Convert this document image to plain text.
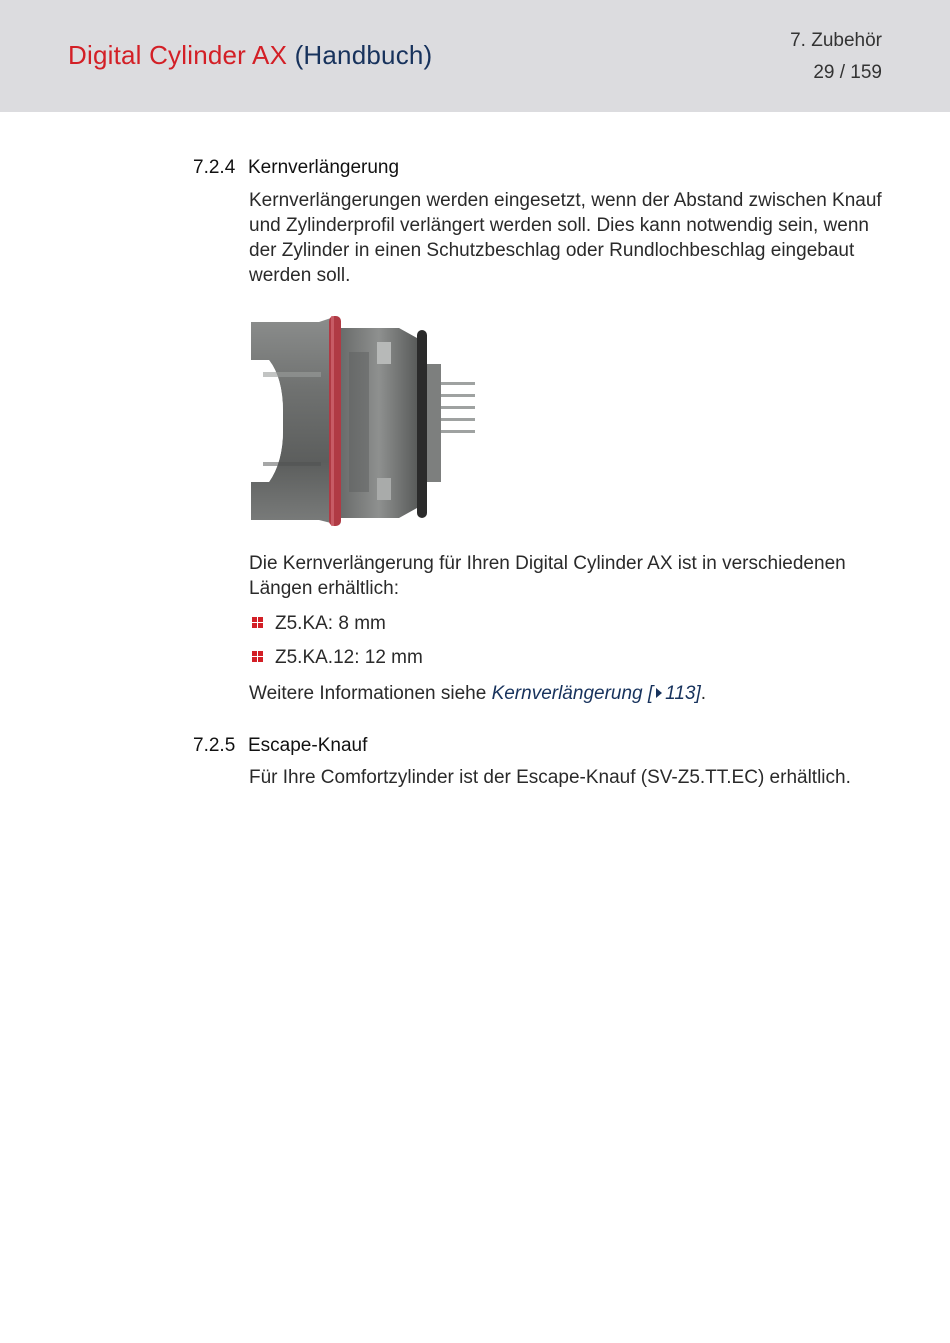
Digital Cylinder AX (Handbuch)	7. Zubehör
29 / 159
7.2.4 Kernverlängerung
Kernverlängerungen werden eingesetzt, wenn der Abstand zwischen Knauf und Zylinderprofil verlängert werden soll. Dies kann notwendig sein, wenn der Zylinder in einen Schutzbeschlag oder Rundlochbeschlag eingebaut werden soll.
Die Kernverlängerung für Ihren Digital Cylinder AX ist in verschiedenen Längen erhältlich:
Z5.KA: 8 mm
Z5.KA.12: 12 mm
Weitere Informationen siehe Kernverlängerung [ 113].
7.2.5 Escape-Knauf
Für Ihre Comfortzylinder ist der Escape-Knauf (SV-Z5.TT.EC) erhältlich.
